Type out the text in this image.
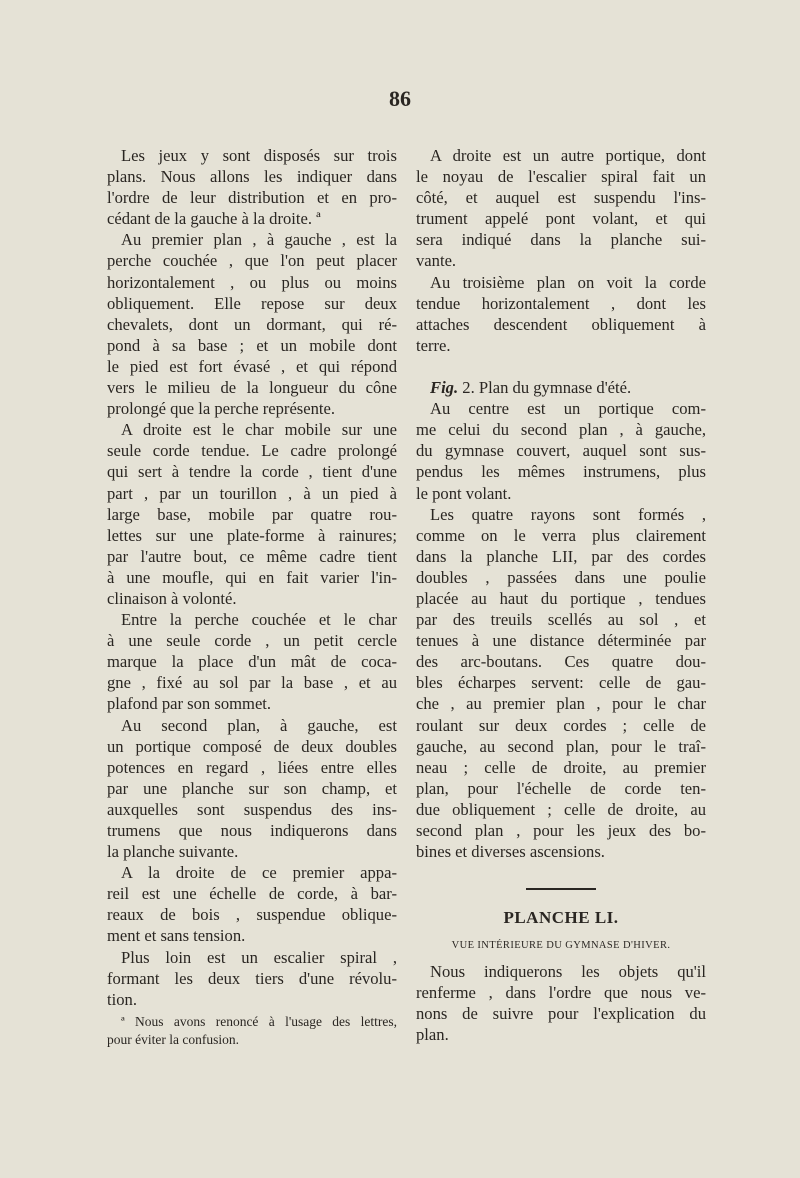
86
Les jeux y sont disposés sur trois
plans. Nous allons les indiquer dans
l'ordre de leur distribution et en pro-
cédant de la gauche à la droite. ª
Au premier plan , à gauche , est la
perche couchée , que l'on peut placer
horizontalement , ou plus ou moins
obliquement. Elle repose sur deux
chevalets, dont un dormant, qui ré-
pond à sa base ; et un mobile dont
le pied est fort évasé , et qui répond
vers le milieu de la longueur du cône
prolongé que la perche représente.
A droite est le char mobile sur une
seule corde tendue. Le cadre prolongé
qui sert à tendre la corde , tient d'une
part , par un tourillon , à un pied à
large base, mobile par quatre rou-
lettes sur une plate-forme à rainures;
par l'autre bout, ce même cadre tient
à une moufle, qui en fait varier l'in-
clinaison à volonté.
Entre la perche couchée et le char
à une seule corde , un petit cercle
marque la place d'un mât de coca-
gne , fixé au sol par la base , et au
plafond par son sommet.
Au second plan, à gauche, est
un portique composé de deux doubles
potences en regard , liées entre elles
par une planche sur son champ, et
auxquelles sont suspendus des ins-
trumens que nous indiquerons dans
la planche suivante.
A la droite de ce premier appa-
reil est une échelle de corde, à bar-
reaux de bois , suspendue oblique-
ment et sans tension.
Plus loin est un escalier spiral ,
formant les deux tiers d'une révolu-
tion.
A droite est un autre portique, dont
le noyau de l'escalier spiral fait un
côté, et auquel est suspendu l'ins-
trument appelé pont volant, et qui
sera indiqué dans la planche sui-
vante.
Au troisième plan on voit la corde
tendue horizontalement , dont les
attaches descendent obliquement à
terre.
Fig. 2. Plan du gymnase d'été.
Au centre est un portique com-
me celui du second plan , à gauche,
du gymnase couvert, auquel sont sus-
pendus les mêmes instrumens, plus
le pont volant.
Les quatre rayons sont formés ,
comme on le verra plus clairement
dans la planche LII, par des cordes
doubles , passées dans une poulie
placée au haut du portique , tendues
par des treuils scellés au sol , et
tenues à une distance déterminée par
des arc-boutans. Ces quatre dou-
bles écharpes servent: celle de gau-
che , au premier plan , pour le char
roulant sur deux cordes ; celle de
gauche, au second plan, pour le traî-
neau ; celle de droite, au premier
plan, pour l'échelle de corde ten-
due obliquement ; celle de droite, au
second plan , pour les jeux des bo-
bines et diverses ascensions.
PLANCHE LI.
VUE INTÉRIEURE DU GYMNASE D'HIVER.
Nous indiquerons les objets qu'il
renferme , dans l'ordre que nous ve-
nons de suivre pour l'explication du
plan.
ª Nous avons renoncé à l'usage des lettres,
pour éviter la confusion.
